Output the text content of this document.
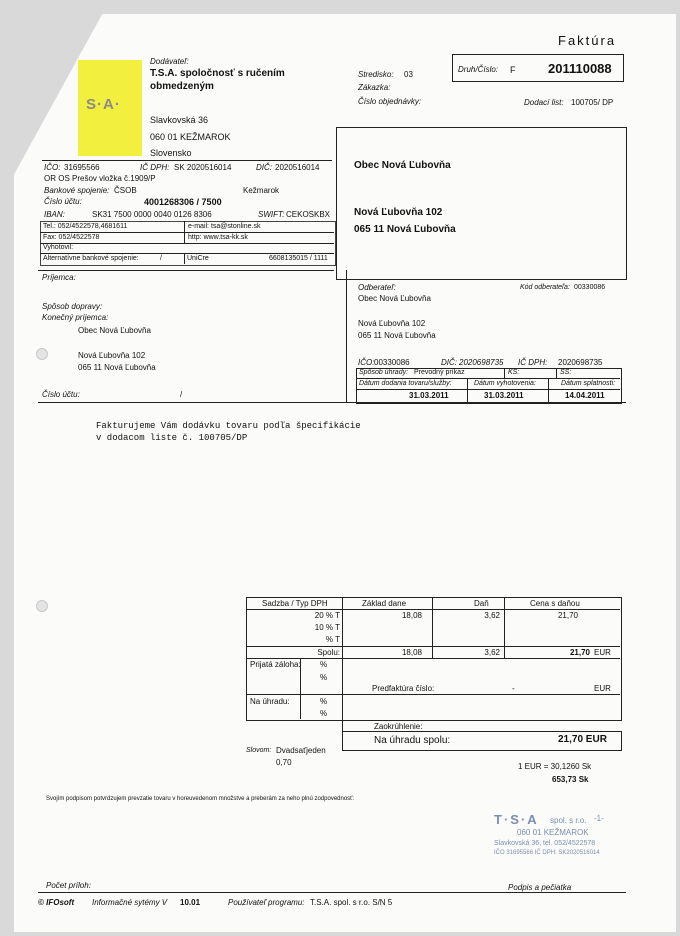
Faktúra
S·A·
Dodávateľ:
T.S.A. spoločnosť s ručením
obmedzeným
Slavkovská 36
060 01 KEŽMAROK
Slovensko
IČO: 31695566	IČ DPH: SK 2020516014	DIČ: 2020516014
OR OS Prešov vložka č.1909/P
Bankové spojenie: ČSOB	Kežmarok
Číslo účtu:	4001268306 / 7500
IBAN:	SK31 7500 0000 0040 0126 8306	SWIFT: CEKOSKBX
Tel.: 052/4522578,4681611	e-mail: tsa@stonline.sk
Fax: 052/4522578	http: www.tsa-kk.sk
Vyhotovil:
Alternatívne bankové spojenie:	/	UniCre	6608135015 / 1111
Stredisko: 03
Zákazka:
Číslo objednávky:
Druh/Číslo: F	201110088
Dodací list: 100705/ DP
Obec Nová Ľubovňa
Nová Ľubovňa 102
065 11 Nová Ľubovňa
Príjemca:
Spôsob dopravy:
Konečný príjemca:
Obec Nová Ľubovňa
Nová Ľubovňa 102
065 11 Nová Ľubovňa
Číslo účtu:	/
Odberateľ:	Kód odberateľa: 00330086
Obec Nová Ľubovňa
Nová Ľubovňa 102
065 11 Nová Ľubovňa
IČO: 00330086	DIČ: 2020698735 IČ DPH: 2020698735
Spôsob úhrady: Prevodný príkaz	KS:	SS:
Dátum dodania tovaru/služby:	Dátum vyhotovenia:	Dátum splatnosti:
31.03.2011	31.03.2011	14.04.2011
Fakturujeme Vám dodávku tovaru podľa špecifikácie
v dodacom liste č. 100705/DP
Sadzba / Typ DPH	Základ dane	Daň	Cena s daňou
20 % T	18,08	3,62	21,70
10 % T
% T
Spolu:	18,08	3,62	21,70 EUR
Prijatá záloha: %
%
Predfaktúra číslo:	-	EUR
Na úhradu:	%
%
Zaokrúhlenie:
Na úhradu spolu:	21,70 EUR
Slovom: Dvadsaťjeden
0,70	1 EUR = 30,1260 Sk
653,73 Sk
Svojím podpisom potvrdzujem prevzatie tovaru v horeuvedenom množstve a preberám za neho plnú zodpovednosť:
T·S·A spol. s r.o. -1-
060 01 KEŽMAROK
Slavkovská 36, tel. 052/4522578
IČO 31695566 IČ DPH: SK2020516014
Počet príloh:	Podpis a pečiatka
© IFOsoft Informačné sytémy V 10.01	Používateľ programu: T.S.A. spol. s r.o. S/N 5
